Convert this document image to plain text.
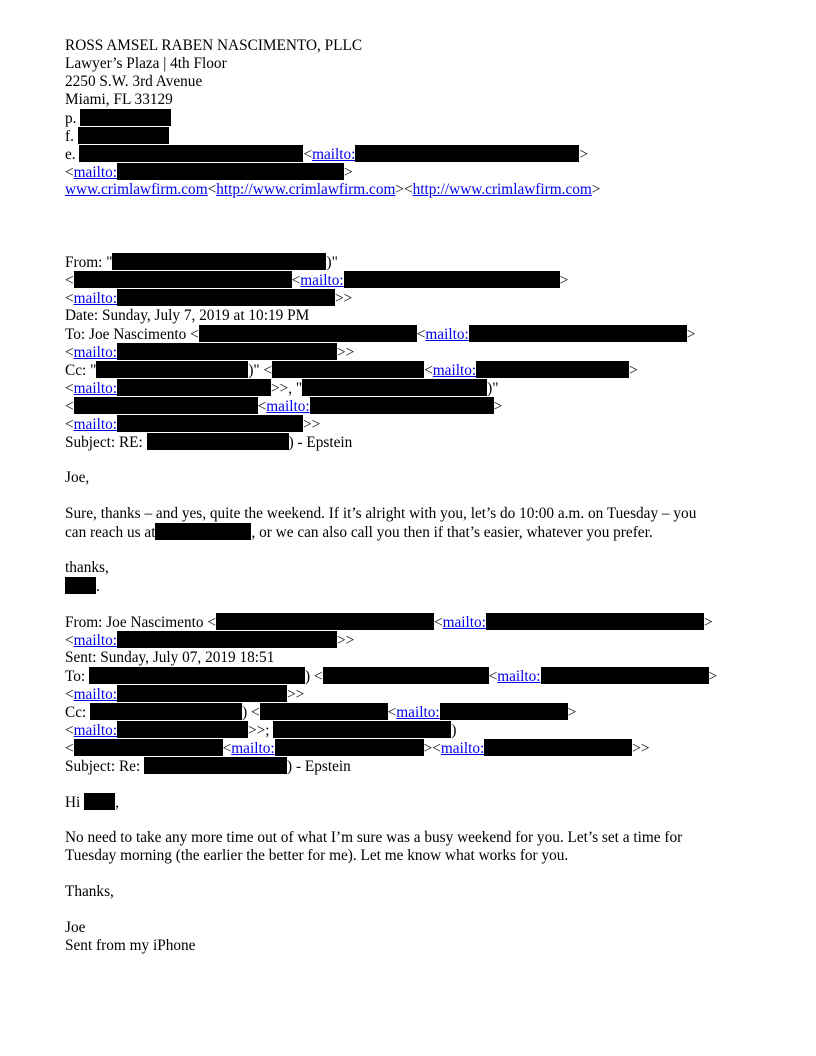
ROSS AMSEL RABEN NASCIMENTO, PLLC
Lawyer’s Plaza | 4th Floor
2250 S.W. 3rd Avenue
Miami, FL 33129
p.
f.
e.	<mailto:	>
<mailto:	>
www.crimlawfirm.com<http://www.crimlawfirm.com><http://www.crimlawfirm.com>
From: "	)"
<	<mailto:	>
<mailto:	>>
Date: Sunday, July 7, 2019 at 10:19 PM
To: Joe Nascimento <	<mailto:	>
<mailto:	>>
Cc: "	)" <	<mailto:	>
<mailto:	>>, "	)"
<	<mailto:	>
<mailto:	>>
Subject: RE:	) - Epstein
Joe,
Sure, thanks – and yes, quite the weekend. If it’s alright with you, let’s do 10:00 a.m. on Tuesday – you
can reach us at	, or we can also call you then if that’s easier, whatever you prefer.
thanks,
.
From: Joe Nascimento <	<mailto:	>
<mailto:	>>
Sent: Sunday, July 07, 2019 18:51
To:	) <	<mailto:	>
<mailto:	>>
Cc:	) <	<mailto:	>
<mailto:	>>;	)
<	<mailto:	><mailto:	>>
Subject: Re:	) - Epstein
Hi ,
No need to take any more time out of what I’m sure was a busy weekend for you. Let’s set a time for
Tuesday morning (the earlier the better for me). Let me know what works for you.
Thanks,
Joe
Sent from my iPhone
